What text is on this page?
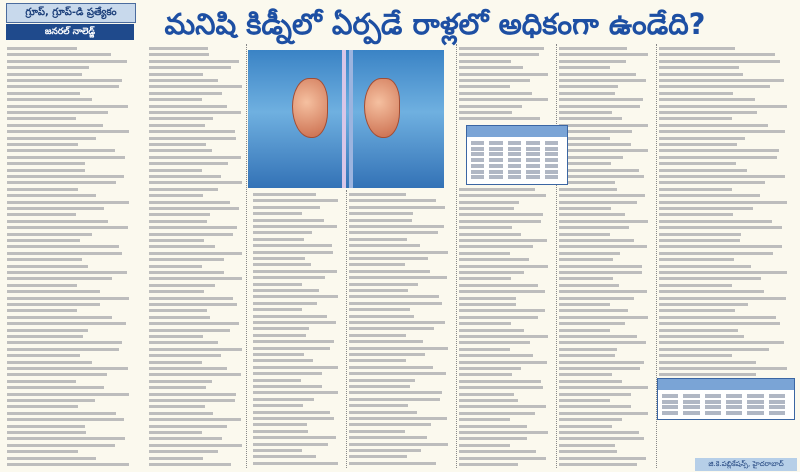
గ్రూప్, గ్రూప్-డి ప్రత్యేకం
జనరల్ నాలెడ్జ్	మనిషి కిడ్నీలో ఏర్పడే రాళ్లలో అధికంగా ఉండేది?
జి.కె.పబ్లికేషన్స్, హైదరాబాద్
